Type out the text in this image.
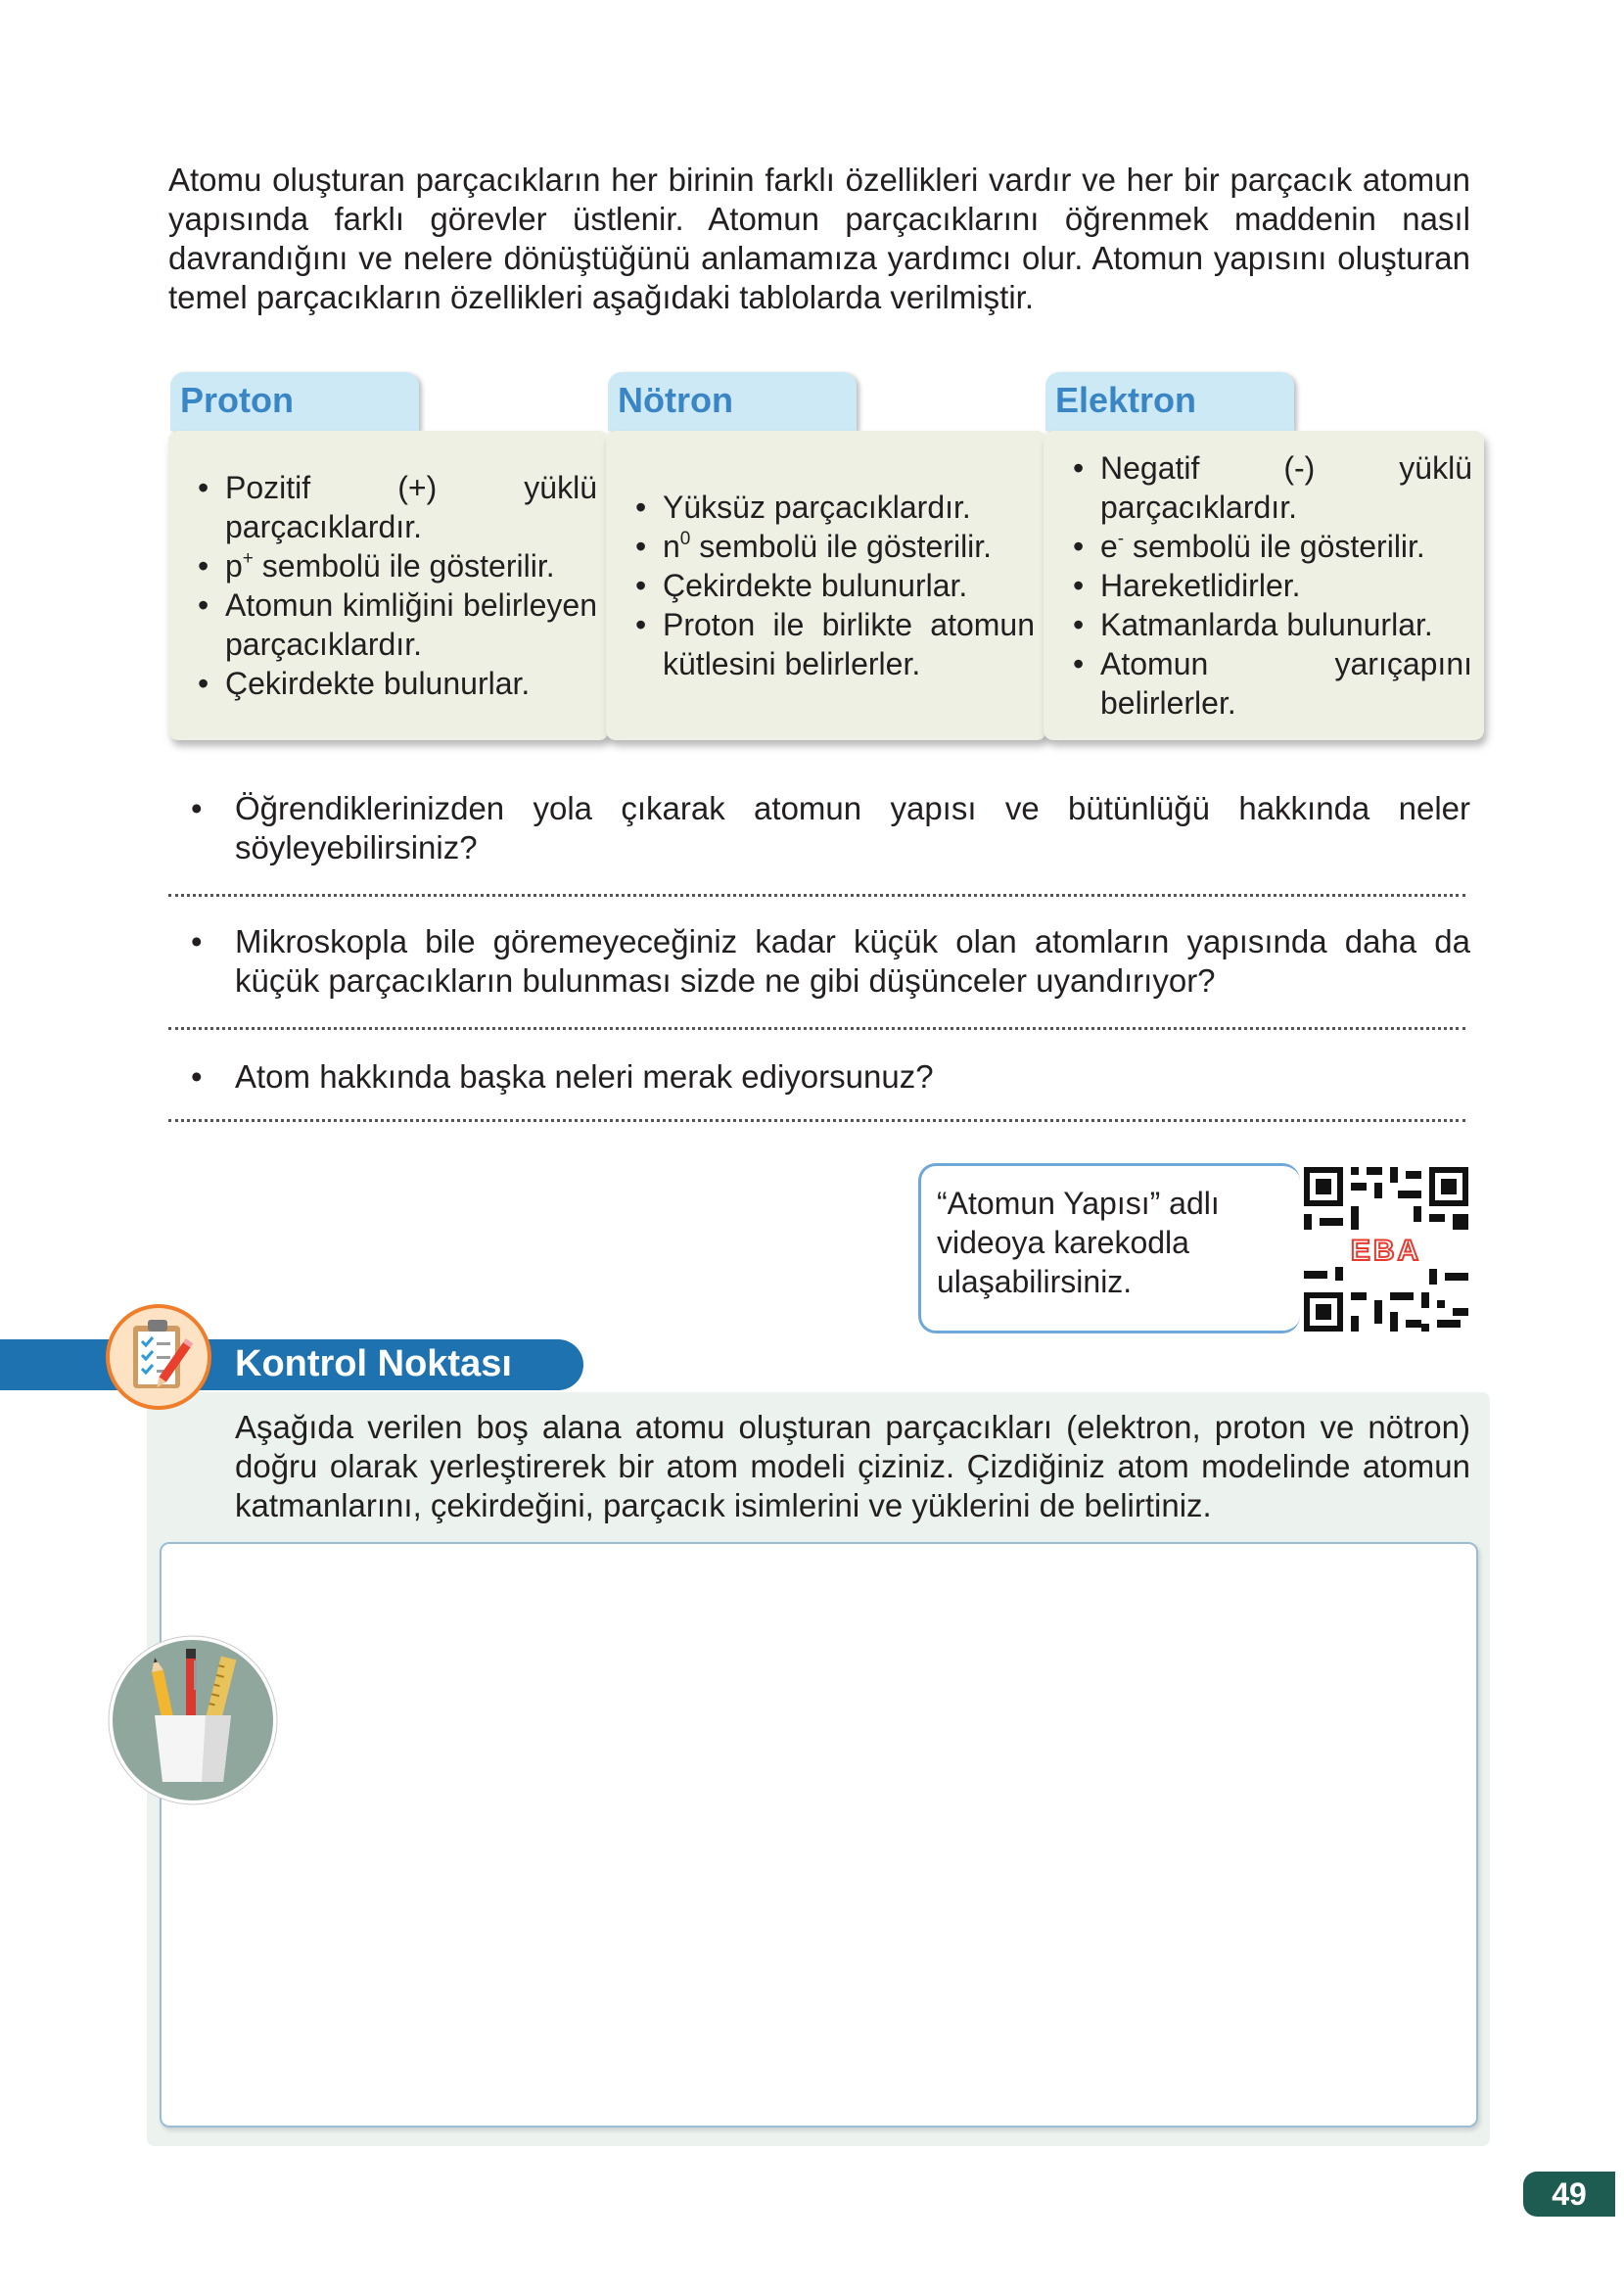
Atomu oluşturan parçacıkların her birinin farklı özellikleri vardır ve her bir parçacık atomun yapısında farklı görevler üstlenir. Atomun parçacıklarını öğrenmek maddenin nasıl davrandığını ve nelere dönüştüğünü anlamamıza yardımcı olur. Atomun yapısını oluşturan temel parçacıkların özellikleri aşağıdaki tablolarda verilmiştir.

Proton
• Pozitif (+) yüklü parçacıklardır.
• p+ sembolü ile gösterilir.
• Atomun kimliğini belirleyen parçacıklardır.
• Çekirdekte bulunurlar.
Nötron
• Yüksüz parçacıklardır.
• $n^0$ sembolü ile gösterilir.
• Çekirdekte bulunurlar.
• Proton ile birlikte atomun kütlesini belirlerler.
Elektron
• Negatif (-) yüklü parçacıklardır.
• e- sembolü ile gösterilir.
• Hareketlidirler.
• Katmanlarda bulunurlar.
• Atomun yarıçapını belirlerler.

• Öğrendiklerinizden yola çıkarak atomun yapısı ve bütünlüğü hakkında neler söyleyebilirsiniz?

• Mikroskopla bile göremeyeceğiniz kadar küçük olan atomların yapısında daha da küçük parçacıkların bulunması sizde ne gibi düşünceler uyandırıyor?

• Atom hakkında başka neleri merak ediyorsunuz?

“Atomun Yapısı” adlı videoya karekodla ulaşabilirsiniz.
EBA
Kontrol Noktası

Aşağıda verilen boş alana atomu oluşturan parçacıkları (elektron, proton ve nötron) doğru olarak yerleştirerek bir atom modeli çiziniz. Çizdiğiniz atom modelinde atomun katmanlarını, çekirdeğini, parçacık isimlerini ve yüklerini de belirtiniz.

49
